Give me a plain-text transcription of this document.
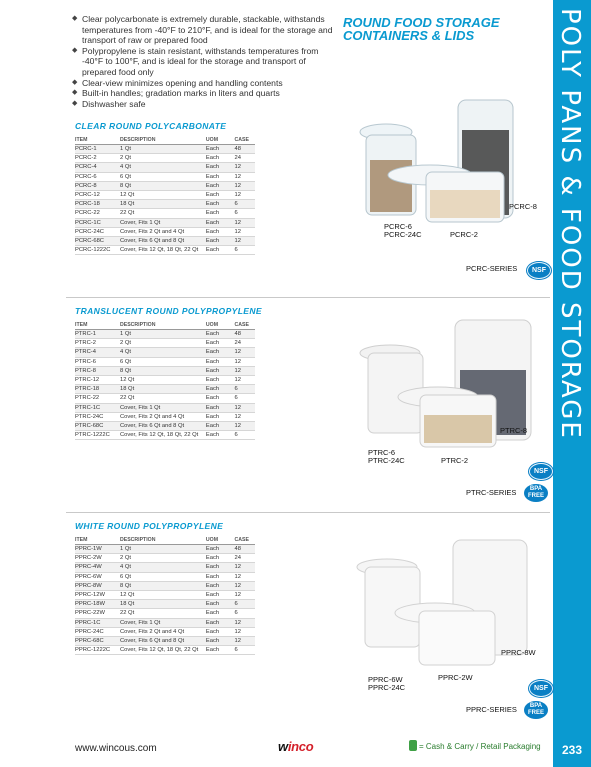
POLY PANS & FOOD STORAGE
233
◆ Clear polycarbonate is extremely durable, stackable, withstands temperatures from -40°F to 210°F, and is ideal for the storage and transport of raw or prepared food
◆ Polypropylene is stain resistant, withstands temperatures from -40°F to 100°F, and is ideal for the storage and transport of prepared food only
◆ Clear-view minimizes opening and handling contents
◆ Built-in handles; gradation marks in liters and quarts
◆ Dishwasher safe
ROUND FOOD STORAGE
CONTAINERS & LIDS
CLEAR ROUND POLYCARBONATE
ITEM	DESCRIPTION	UOM	CASE
PCRC-1	1 Qt	Each	48
PCRC-2	2 Qt	Each	24
PCRC-4	4 Qt	Each	12
PCRC-6	6 Qt	Each	12
PCRC-8	8 Qt	Each	12
PCRC-12	12 Qt	Each	12
PCRC-18	18 Qt	Each	6
PCRC-22	22 Qt	Each	6
PCRC-1C	Cover, Fits 1 Qt	Each	12
PCRC-24C	Cover, Fits 2 Qt and 4 Qt	Each	12
PCRC-68C	Cover, Fits 6 Qt and 8 Qt	Each	12
PCRC-1222C	Cover, Fits 12 Qt, 18 Qt, 22 Qt	Each	6
PCRC-6
PCRC-24C	PCRC-2
PCRC-8
PCRC-SERIES	NSF
TRANSLUCENT ROUND POLYPROPYLENE
ITEM	DESCRIPTION	UOM	CASE
PTRC-1	1 Qt	Each	48
PTRC-2	2 Qt	Each	24
PTRC-4	4 Qt	Each	12
PTRC-6	6 Qt	Each	12
PTRC-8	8 Qt	Each	12
PTRC-12	12 Qt	Each	12
PTRC-18	18 Qt	Each	6
PTRC-22	22 Qt	Each	6
PTRC-1C	Cover, Fits 1 Qt	Each	12
PTRC-24C	Cover, Fits 2 Qt and 4 Qt	Each	12
PTRC-68C	Cover, Fits 6 Qt and 8 Qt	Each	12
PTRC-1222C	Cover, Fits 12 Qt, 18 Qt, 22 Qt	Each	6
PTRC-6
PTRC-24C	PTRC-2
PTRC-8
PTRC-SERIES
NSF
BPA
FREE
WHITE ROUND POLYPROPYLENE
ITEM	DESCRIPTION	UOM	CASE
PPRC-1W	1 Qt	Each	48
PPRC-2W	2 Qt	Each	24
PPRC-4W	4 Qt	Each	12
PPRC-6W	6 Qt	Each	12
PPRC-8W	8 Qt	Each	12
PPRC-12W	12 Qt	Each	12
PPRC-18W	18 Qt	Each	6
PPRC-22W	22 Qt	Each	6
PPRC-1C	Cover, Fits 1 Qt	Each	12
PPRC-24C	Cover, Fits 2 Qt and 4 Qt	Each	12
PPRC-68C	Cover, Fits 6 Qt and 8 Qt	Each	12
PPRC-1222C	Cover, Fits 12 Qt, 18 Qt, 22 Qt	Each	6
PPRC-6W
PPRC-24C
PPRC-2W
PPRC-8W
PPRC-SERIES
NSF
BPA
FREE
www.wincous.com	winco	= Cash & Carry / Retail Packaging
